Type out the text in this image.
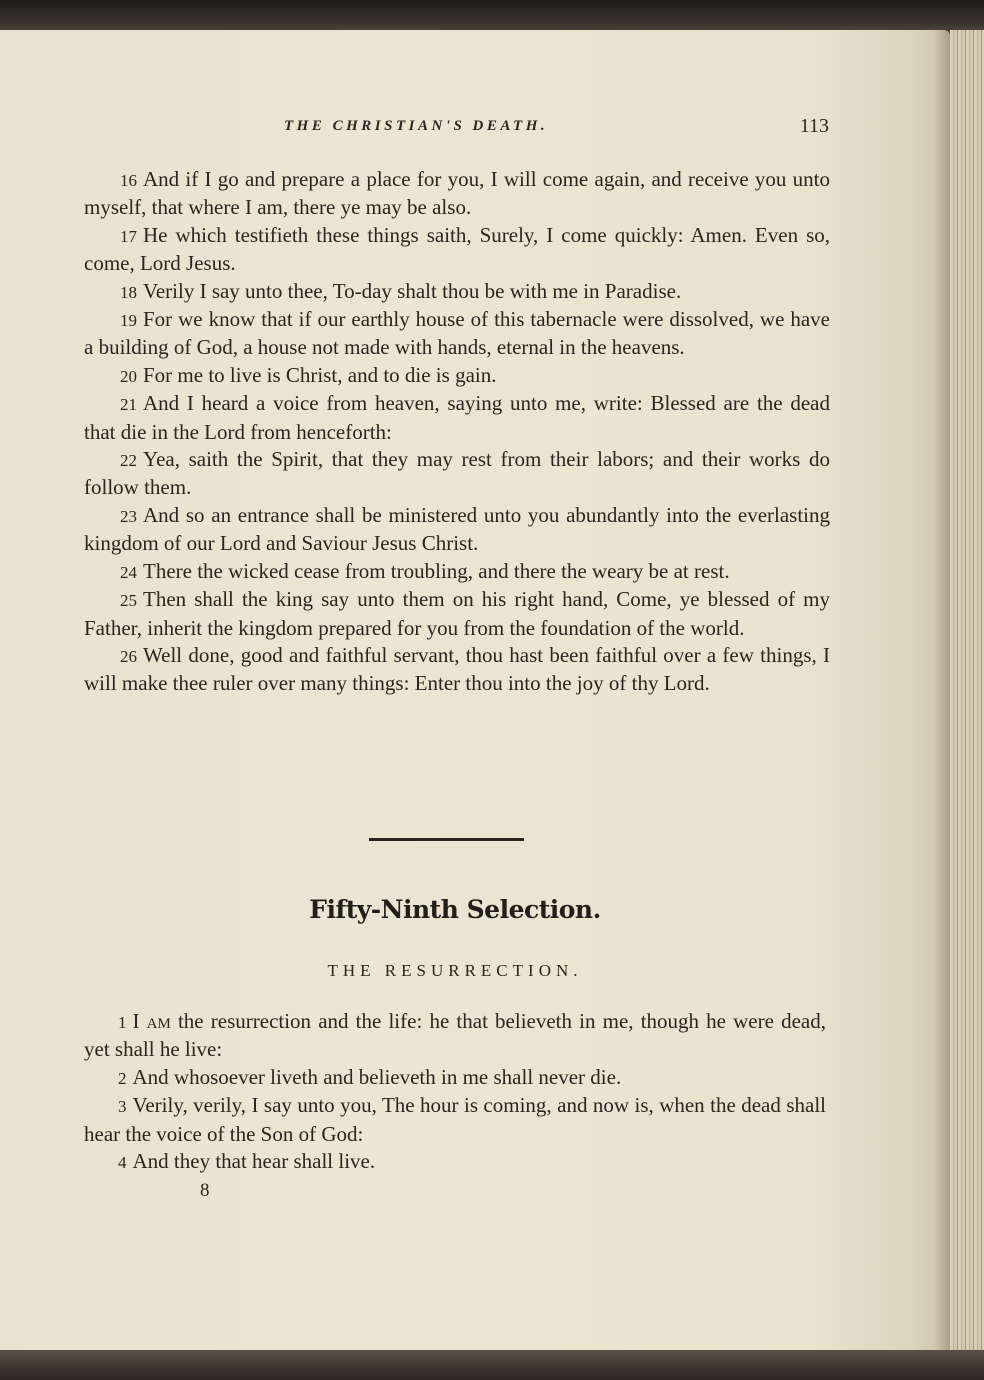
THE CHRISTIAN'S DEATH.	113

16 And if I go and prepare a place for you, I will come again, and receive you unto myself, that where I am, there ye may be also.

17 He which testifieth these things saith, Surely, I come quickly: Amen. Even so, come, Lord Jesus.

18 Verily I say unto thee, To-day shalt thou be with me in Paradise.

19 For we know that if our earthly house of this tabernacle were dissolved, we have a building of God, a house not made with hands, eternal in the heavens.

20 For me to live is Christ, and to die is gain.

21 And I heard a voice from heaven, saying unto me, write: Blessed are the dead that die in the Lord from henceforth:

22 Yea, saith the Spirit, that they may rest from their labors; and their works do follow them.

23 And so an entrance shall be ministered unto you abundantly into the everlasting kingdom of our Lord and Saviour Jesus Christ.

24 There the wicked cease from troubling, and there the weary be at rest.

25 Then shall the king say unto them on his right hand, Come, ye blessed of my Father, inherit the kingdom prepared for you from the foundation of the world.

26 Well done, good and faithful servant, thou hast been faithful over a few things, I will make thee ruler over many things: Enter thou into the joy of thy Lord.

Fifty-Ninth Selection.
THE RESURRECTION.

1 I am the resurrection and the life: he that believeth in me, though he were dead, yet shall he live:

2 And whosoever liveth and believeth in me shall never die.

3 Verily, verily, I say unto you, The hour is coming, and now is, when the dead shall hear the voice of the Son of God:

4 And they that hear shall live.

8
